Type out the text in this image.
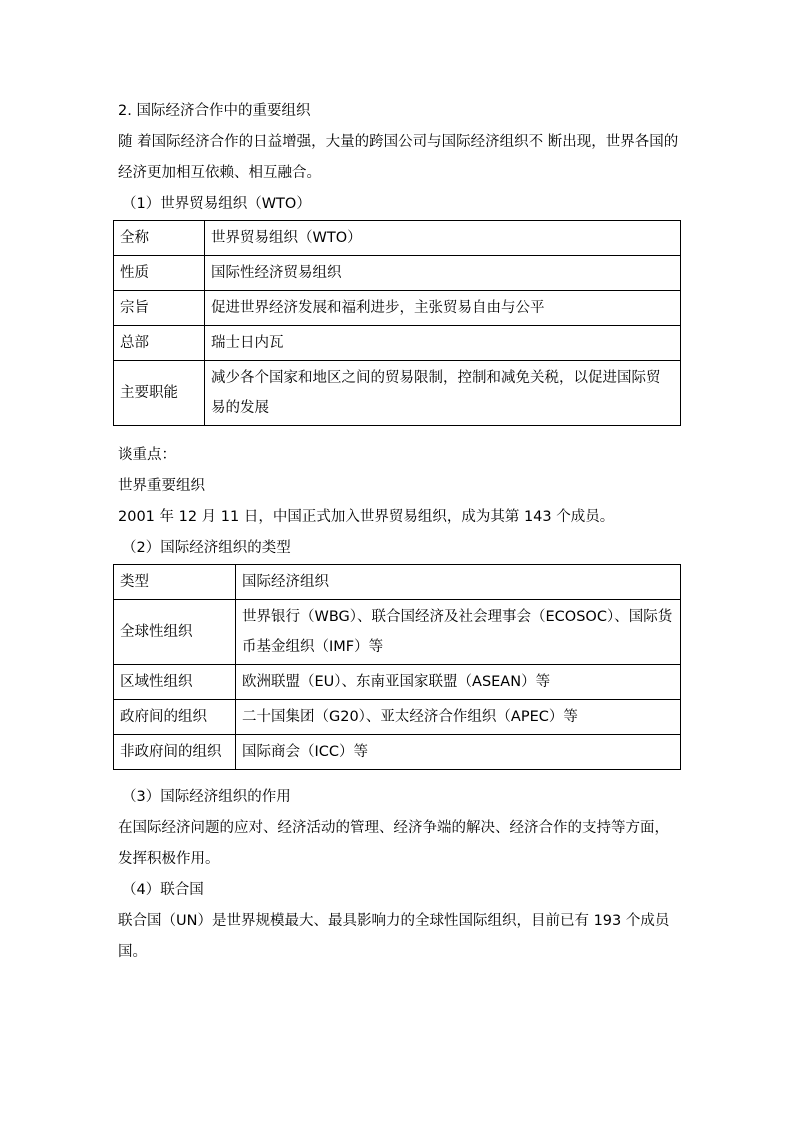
2. 国际经济合作中的重要组织
随 着国际经济合作的日益增强，大量的跨国公司与国际经济组织不 断出现，世界各国的经济更加相互依赖、相互融合。
（1）世界贸易组织（WTO）
全称	世界贸易组织（WTO）
性质	国际性经济贸易组织
宗旨	促进世界经济发展和福利进步，主张贸易自由与公平
总部	瑞士日内瓦
主要职能	减少各个国家和地区之间的贸易限制，控制和减免关税，以促进国际贸易的发展
谈重点：
世界重要组织
2001 年 12 月 11 日，中国正式加入世界贸易组织，成为其第 143 个成员。
（2）国际经济组织的类型
类型	国际经济组织
全球性组织	世界银行（WBG）、联合国经济及社会理事会（ECOSOC）、国际货币基金组织（IMF）等
区域性组织	欧洲联盟（EU）、东南亚国家联盟（ASEAN）等
政府间的组织	二十国集团（G20）、亚太经济合作组织（APEC）等
非政府间的组织	国际商会（ICC）等
（3）国际经济组织的作用
在国际经济问题的应对、经济活动的管理、经济争端的解决、经济合作的支持等方面，发挥积极作用。
（4）联合国
联合国（UN）是世界规模最大、最具影响力的全球性国际组织，目前已有 193 个成员国。
